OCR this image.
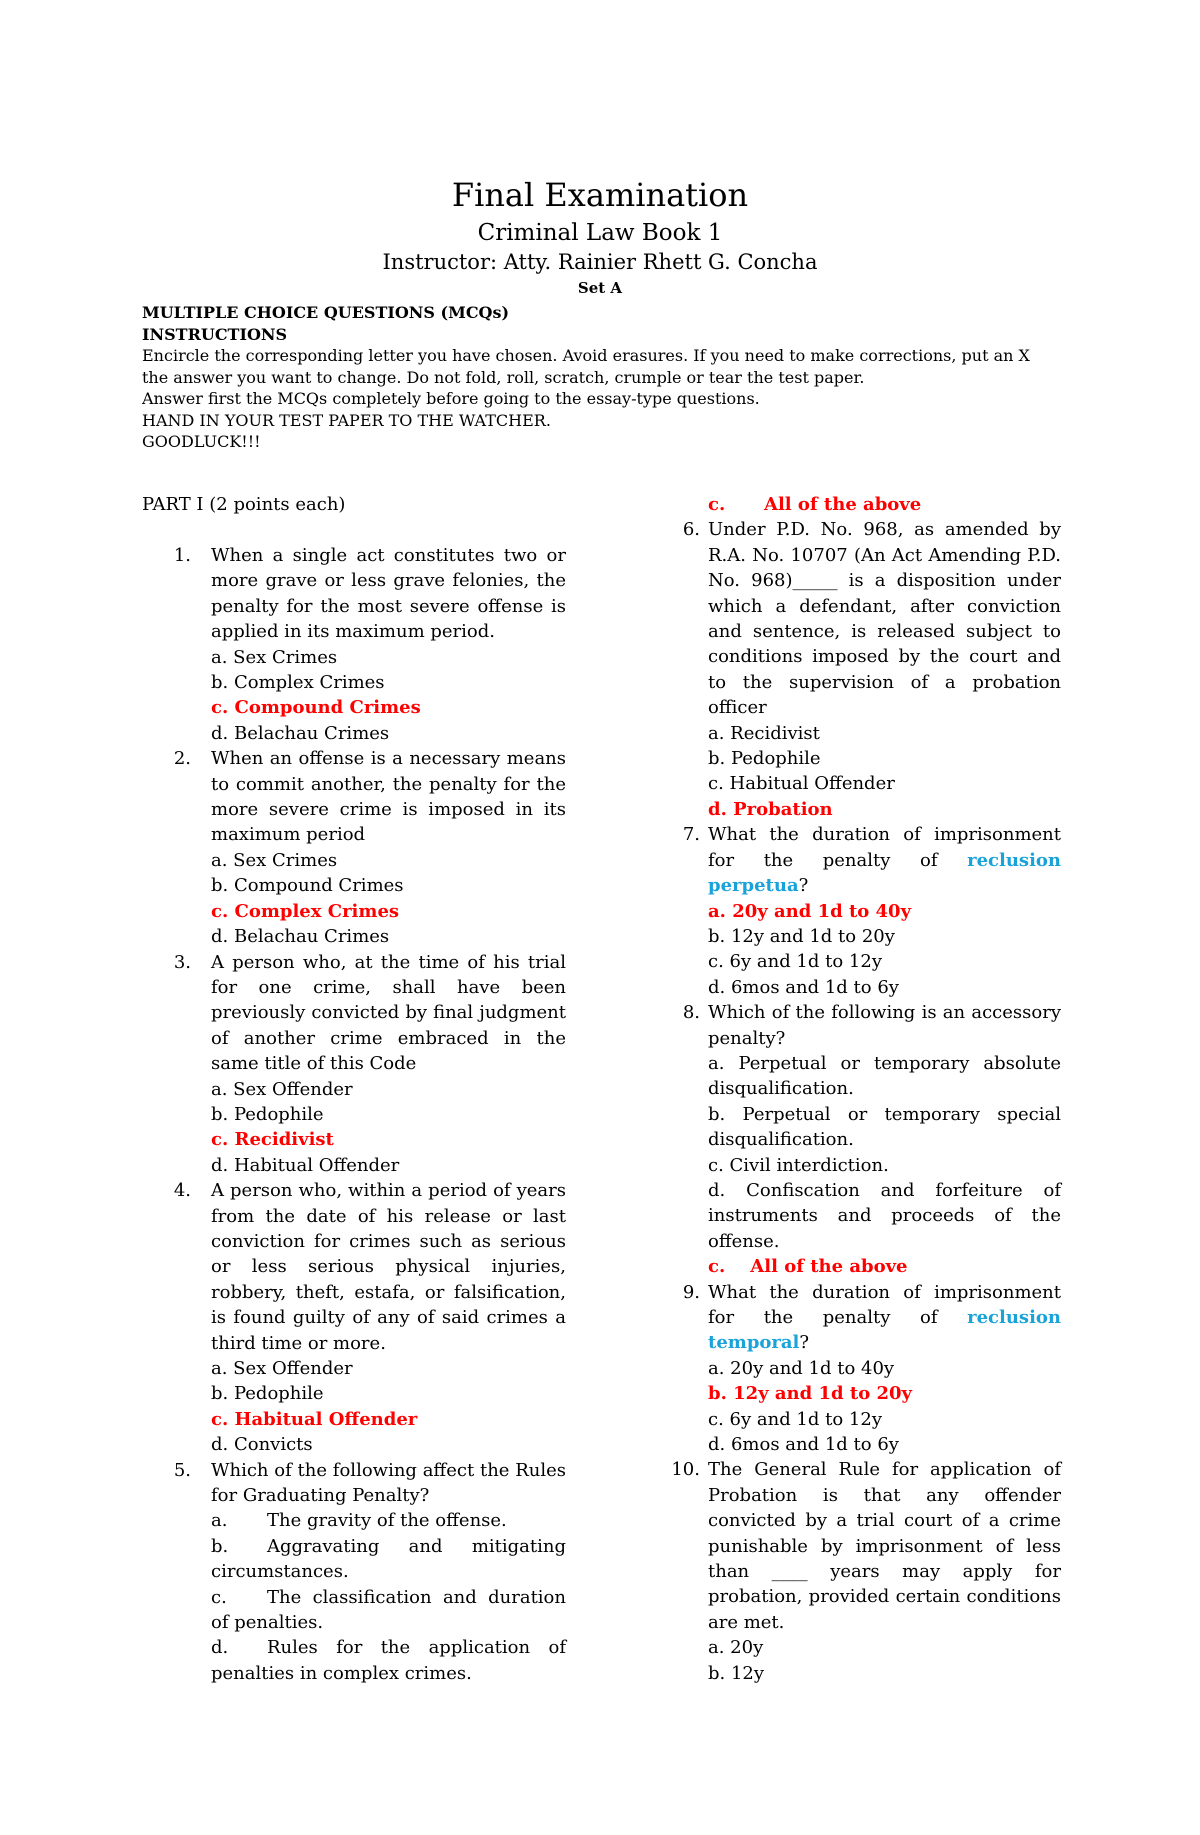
Final Examination
Criminal Law Book 1
Instructor: Atty. Rainier Rhett G. Concha
Set A
MULTIPLE CHOICE QUESTIONS (MCQs)
INSTRUCTIONS
Encircle the corresponding letter you have chosen. Avoid erasures. If you need to make corrections, put an X
the answer you want to change. Do not fold, roll, scratch, crumple or tear the test paper.
Answer first the MCQs completely before going to the essay-type questions.
HAND IN YOUR TEST PAPER TO THE WATCHER.
GOODLUCK!!!
PART I (2 points each)
1.	When a single act constitutes two or more grave or less grave felonies, the penalty for the most severe offense is applied in its maximum period.
a. Sex Crimes
b. Complex Crimes
c. Compound Crimes
d. Belachau Crimes
2.	When an offense is a necessary means to commit another, the penalty for the more severe crime is imposed in its maximum period
a. Sex Crimes
b. Compound Crimes
c. Complex Crimes
d. Belachau Crimes
3.	A person who, at the time of his trial for one crime, shall have been previously convicted by final judgment of another crime embraced in the same title of this Code
a. Sex Offender
b. Pedophile
c. Recidivist
d. Habitual Offender
4.	A person who, within a period of years from the date of his release or last conviction for crimes such as serious or less serious physical injuries, robbery, theft, estafa, or falsification, is found guilty of any of said crimes a third time or more.
a. Sex Offender
b. Pedophile
c. Habitual Offender
d. Convicts
5.	Which of the following affect the Rules for Graduating Penalty?
a. The gravity of the offense.
b. Aggravating and mitigating circumstances.
c. The classification and duration of penalties.
d. Rules for the application of penalties in complex crimes.
c. All of the above
6. Under P.D. No. 968, as amended by R.A. No. 10707 (An Act Amending P.D. No. 968)_____ is a disposition under which a defendant, after conviction and sentence, is released subject to conditions imposed by the court and to the supervision of a probation officer
a. Recidivist
b. Pedophile
c. Habitual Offender
d. Probation
7. What the duration of imprisonment for the penalty of reclusion perpetua?
a. 20y and 1d to 40y
b. 12y and 1d to 20y
c. 6y and 1d to 12y
d. 6mos and 1d to 6y
8. Which of the following is an accessory penalty?
a. Perpetual or temporary absolute disqualification.
b. Perpetual or temporary special disqualification.
c. Civil interdiction.
d. Confiscation and forfeiture of instruments and proceeds of the offense.
c.    All of the above
9. What the duration of imprisonment for the penalty of reclusion temporal?
a. 20y and 1d to 40y
b. 12y and 1d to 20y
c. 6y and 1d to 12y
d. 6mos and 1d to 6y
10. The General Rule for application of Probation is that any offender convicted by a trial court of a crime punishable by imprisonment of less than ____ years may apply for probation, provided certain conditions are met.
a. 20y
b. 12y
